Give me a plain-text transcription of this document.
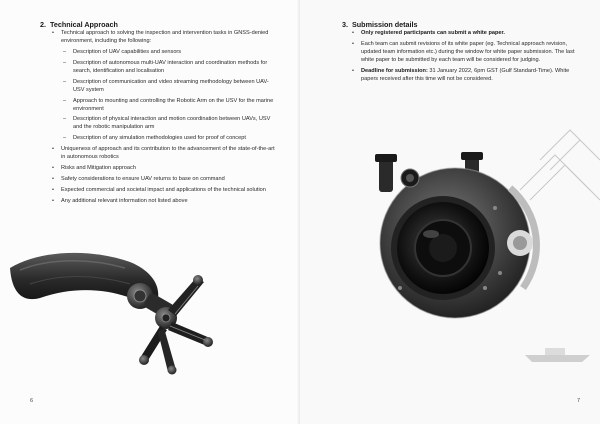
2. Technical Approach
• Technical approach to solving the inspection and intervention tasks in GNSS-denied environment, including the following:
– Description of UAV capabilities and sensors
– Description of autonomous multi-UAV interaction and coordination methods for search, identification and localisation
– Description of communication and video streaming methodology between UAV-USV system
– Approach to mounting and controlling the Robotic Arm on the USV for the marine environment
– Description of physical interaction and motion coordination between UAVs, USV and the robotic manipulation arm
– Description of any simulation methodologies used for proof of concept
• Uniqueness of approach and its contribution to the advancement of the state-of-the-art in autonomous robotics
• Risks and Mitigation approach
• Safety considerations to ensure UAV returns to base on command
• Expected commercial and societal impact and applications of the technical solution
• Any additional relevant information not listed above
6
3. Submission details
• Only registered participants can submit a white paper.
• Each team can submit revisions of its white paper (eg. Technical approach revision, updated team information etc.) during the window for white paper submission. The last white paper to be submitted by each team will be considered for judging.
• Deadline for submission: 31 January 2022, 6pm GST (Gulf Standard-Time). White papers received after this time will not be considered.
7
